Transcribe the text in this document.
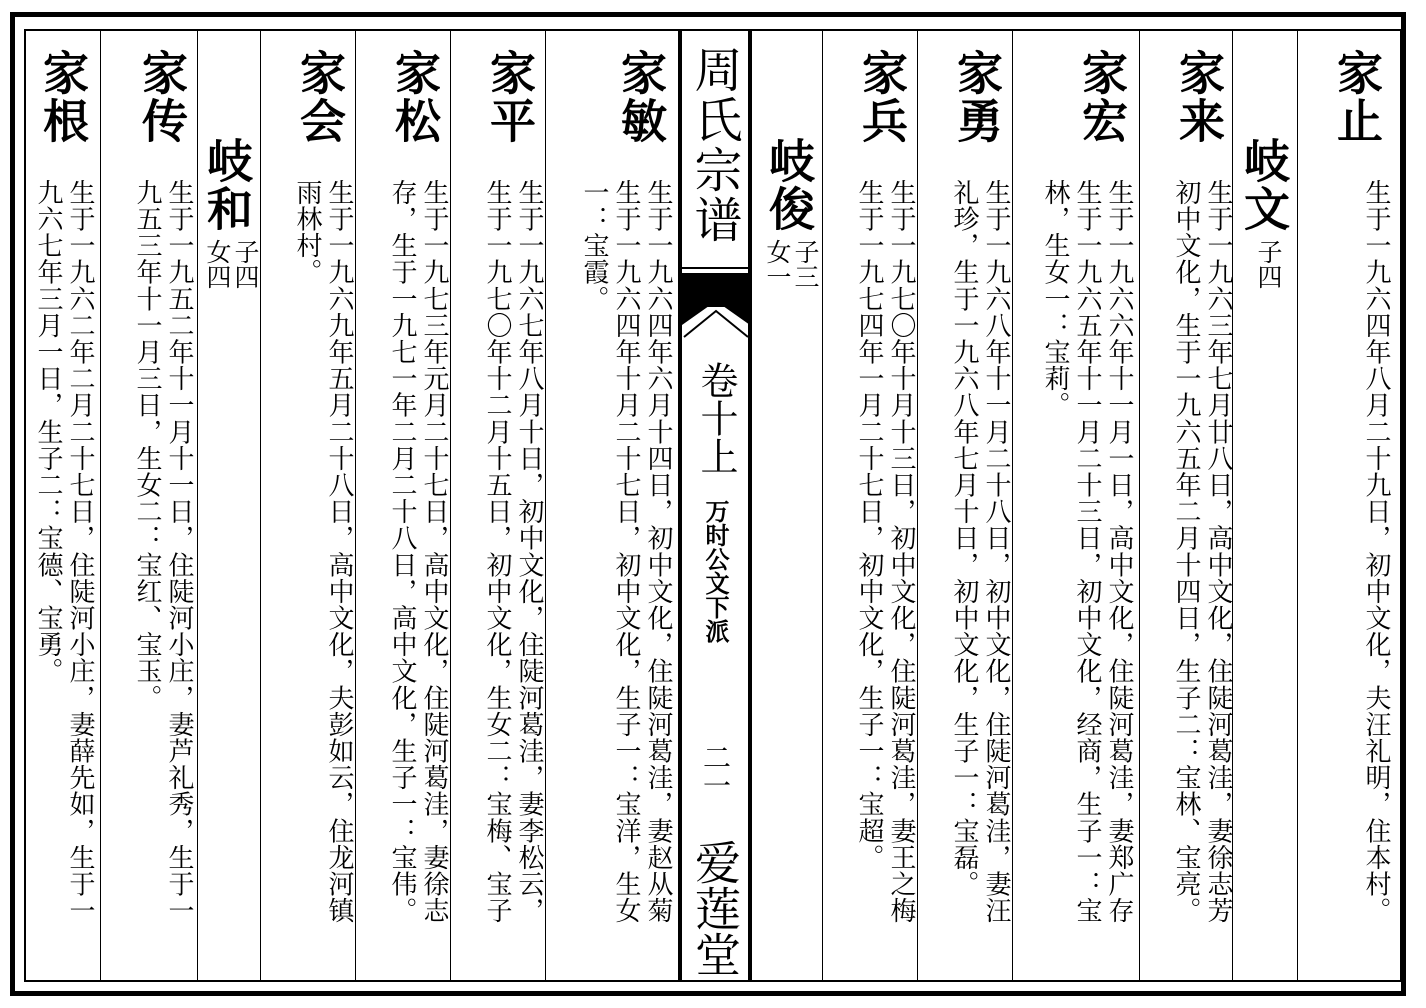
家根
生于一九六二年二月二十七日，住陡河小庄，妻薛先如，生于一
九六七年三月一日，生子二：宝德、宝勇。
家传
生于一九五二年十一月十一日，住陡河小庄，妻芦礼秀，生于一
九五三年十一月三日，生女二：宝红、宝玉。 岐和
子四
女四
家会
生于一九六九年五月二十八日，高中文化，夫彭如云，住龙河镇
雨林村。
家松
生于一九七三年元月二十七日，高中文化，住陡河葛洼，妻徐志
存，生于一九七一年二月二十八日，高中文化，生子一：宝伟。
家平
生于一九六七年八月十日，初中文化，住陡河葛洼，妻李松云，
生于一九七〇年十二月十五日，初中文化，生女二：宝梅、宝子
家敏
生于一九六四年六月十四日，初中文化，住陡河葛洼，妻赵从菊
生于一九六四年十月二十七日，初中文化，生子一：宝洋，生女
一：宝霞。
周氏宗谱
卷十上
万时公文下派
二一
爱莲堂
岐俊
子三
女一
家兵
生于一九七〇年十月十三日，初中文化，住陡河葛洼，妻王之梅
生于一九七四年一月二十七日，初中文化，生子一：宝超。
家勇
生于一九六八年十一月二十八日，初中文化，住陡河葛洼，妻汪
礼珍，生于一九六八年七月十日，初中文化，生子一：宝磊。
家宏
生于一九六六年十一月一日，高中文化，住陡河葛洼，妻郑广存
生于一九六五年十一月二十三日，初中文化，经商，生子一：宝
林，生女一：宝莉。
家来
生于一九六三年七月廿八日，高中文化，住陡河葛洼，妻徐志芳
初中文化，生于一九六五年二月十四日，生子二：宝林、宝亮。 岐文
子四
家止
生于一九六四年八月二十九日，初中文化，夫汪礼明，住本村。
